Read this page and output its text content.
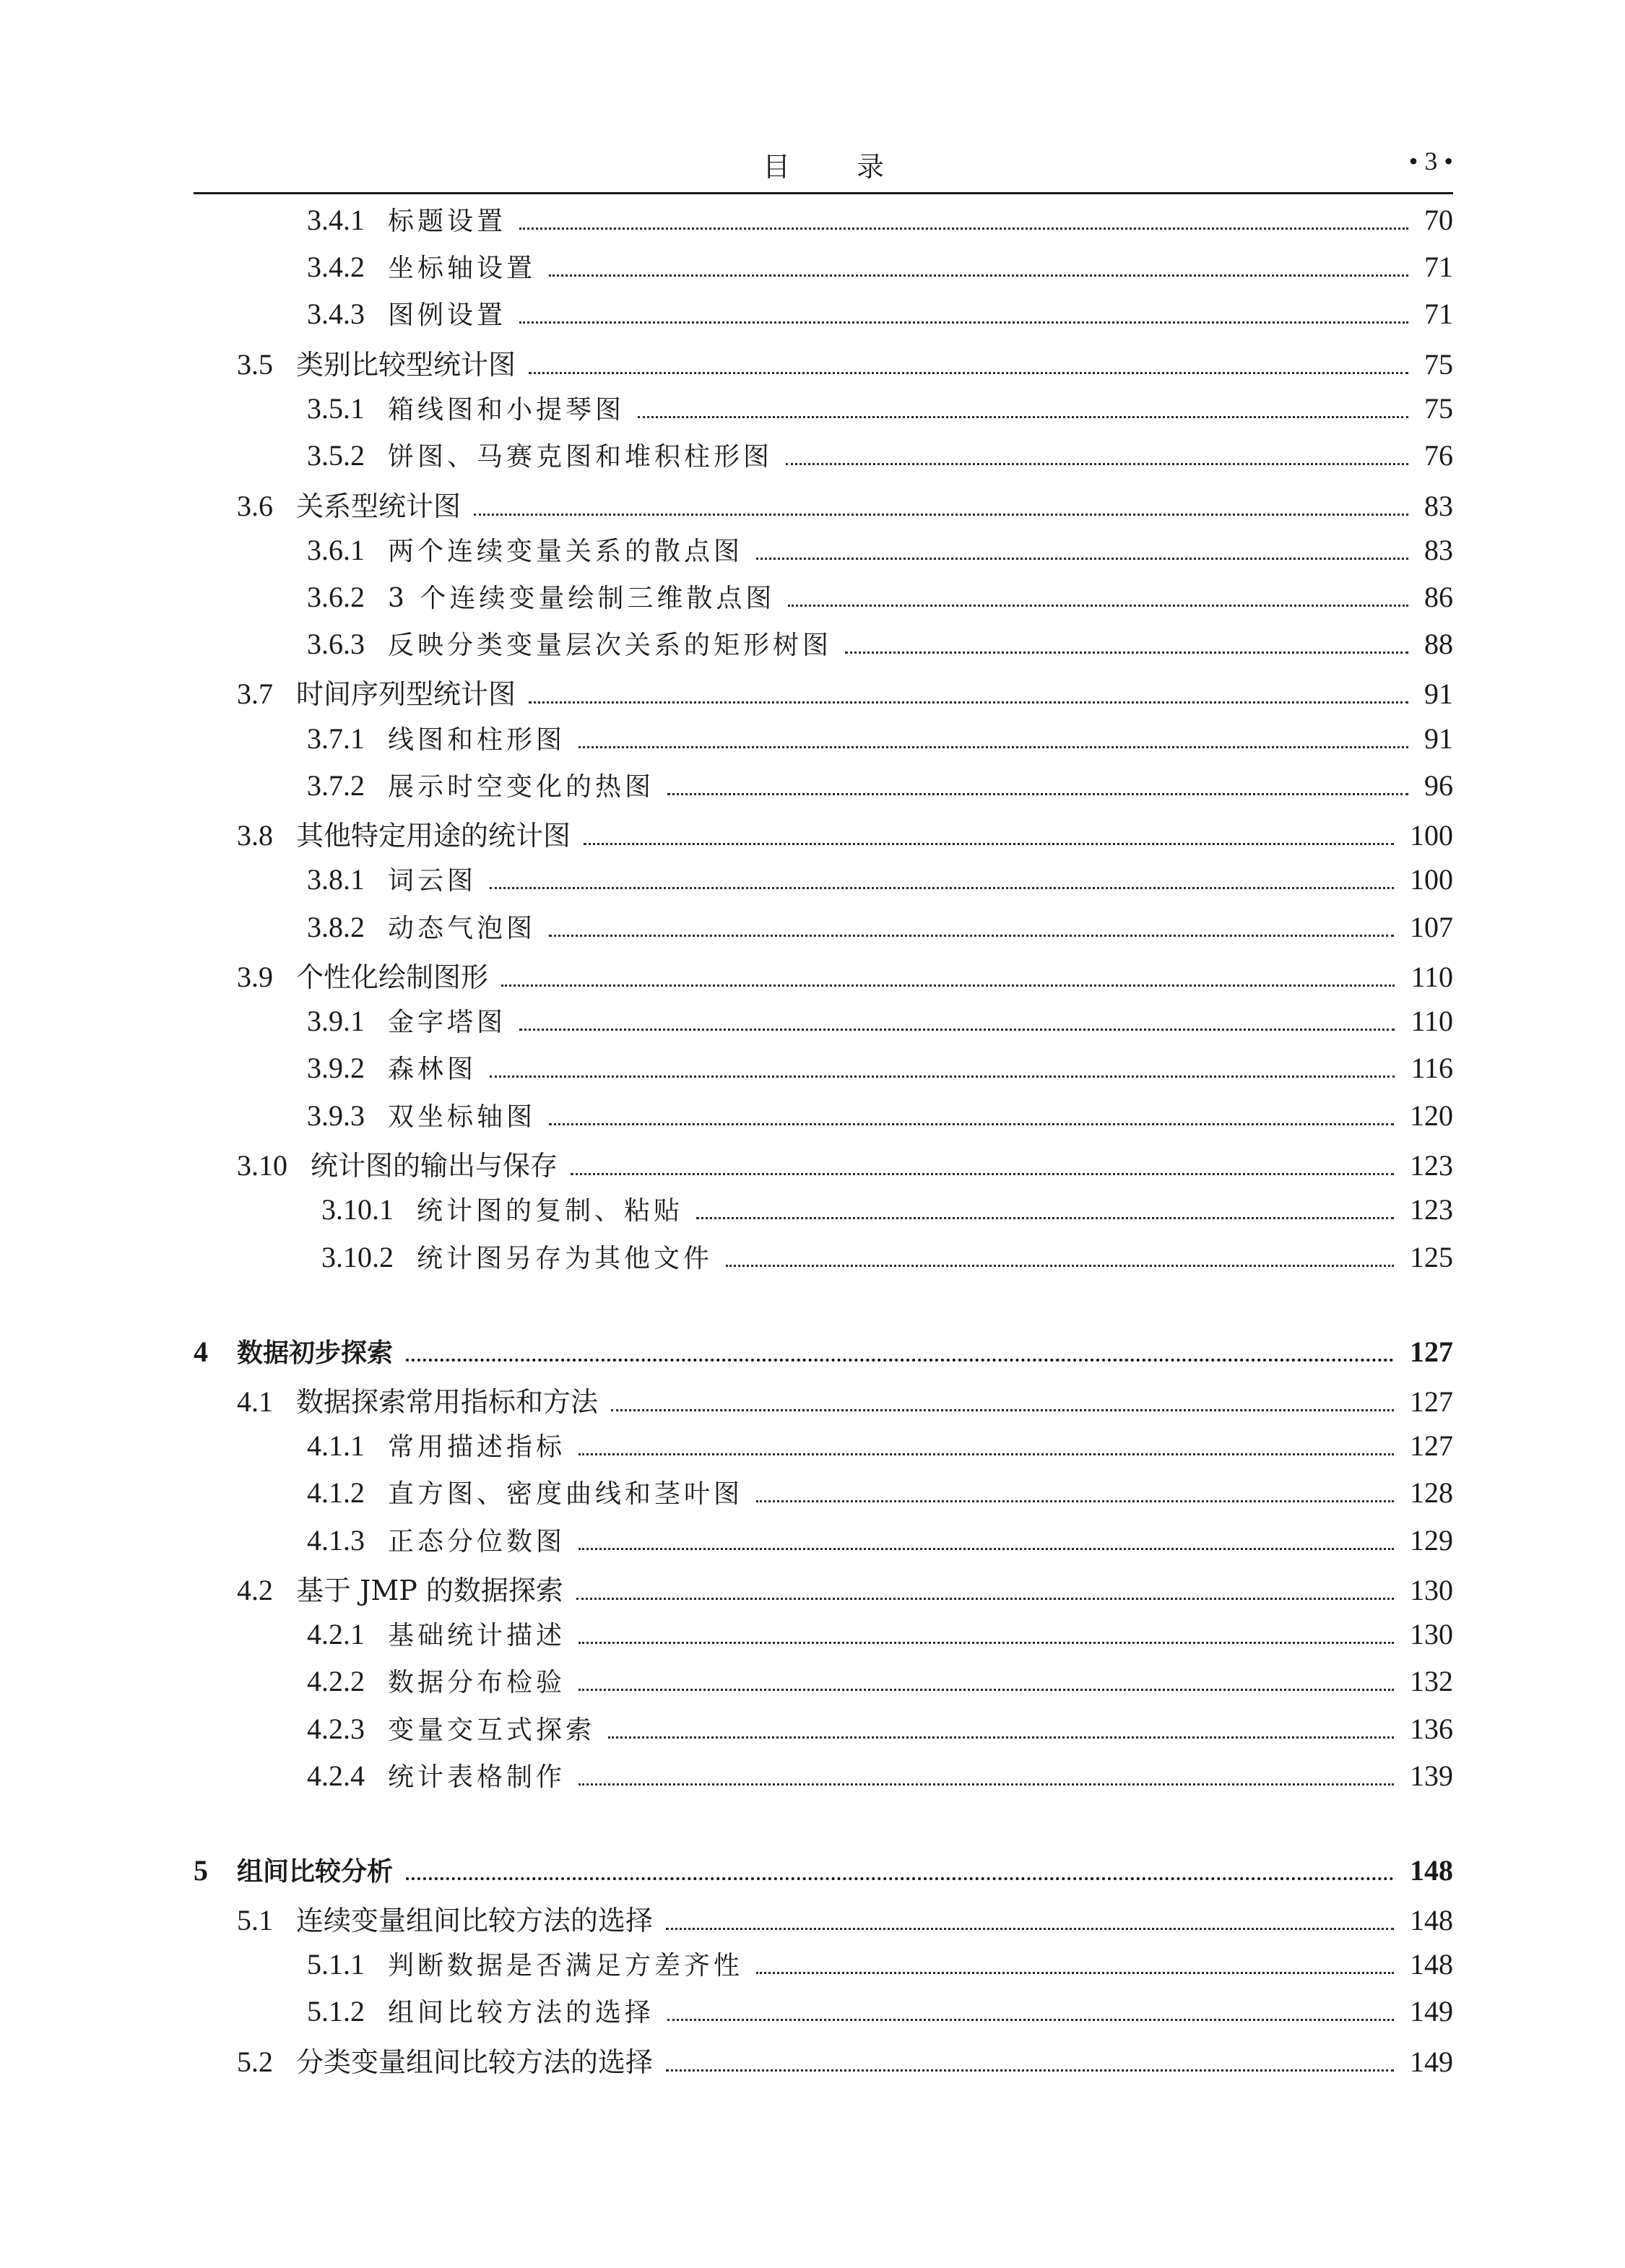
目 录	• 3 •
3.4.1 标题设置	70
3.4.2 坐标轴设置	71
3.4.3 图例设置	71
3.5 类别比较型统计图	75
3.5.1 箱线图和小提琴图	75
3.5.2 饼图、马赛克图和堆积柱形图	76
3.6 关系型统计图	83
3.6.1 两个连续变量关系的散点图	83
3.6.2 3 个连续变量绘制三维散点图	86
3.6.3 反映分类变量层次关系的矩形树图	88
3.7 时间序列型统计图	91
3.7.1 线图和柱形图	91
3.7.2 展示时空变化的热图	96
3.8 其他特定用途的统计图	100
3.8.1 词云图	100
3.8.2 动态气泡图	107
3.9 个性化绘制图形	110
3.9.1 金字塔图	110
3.9.2 森林图	116
3.9.3 双坐标轴图	120
3.10 统计图的输出与保存	123
3.10.1 统计图的复制、粘贴	123
3.10.2 统计图另存为其他文件	125
4 数据初步探索	127
4.1 数据探索常用指标和方法	127
4.1.1 常用描述指标	127
4.1.2 直方图、密度曲线和茎叶图	128
4.1.3 正态分位数图	129
4.2 基于 JMP 的数据探索	130
4.2.1 基础统计描述	130
4.2.2 数据分布检验	132
4.2.3 变量交互式探索	136
4.2.4 统计表格制作	139
5 组间比较分析	148
5.1 连续变量组间比较方法的选择	148
5.1.1 判断数据是否满足方差齐性	148
5.1.2 组间比较方法的选择	149
5.2 分类变量组间比较方法的选择	149
